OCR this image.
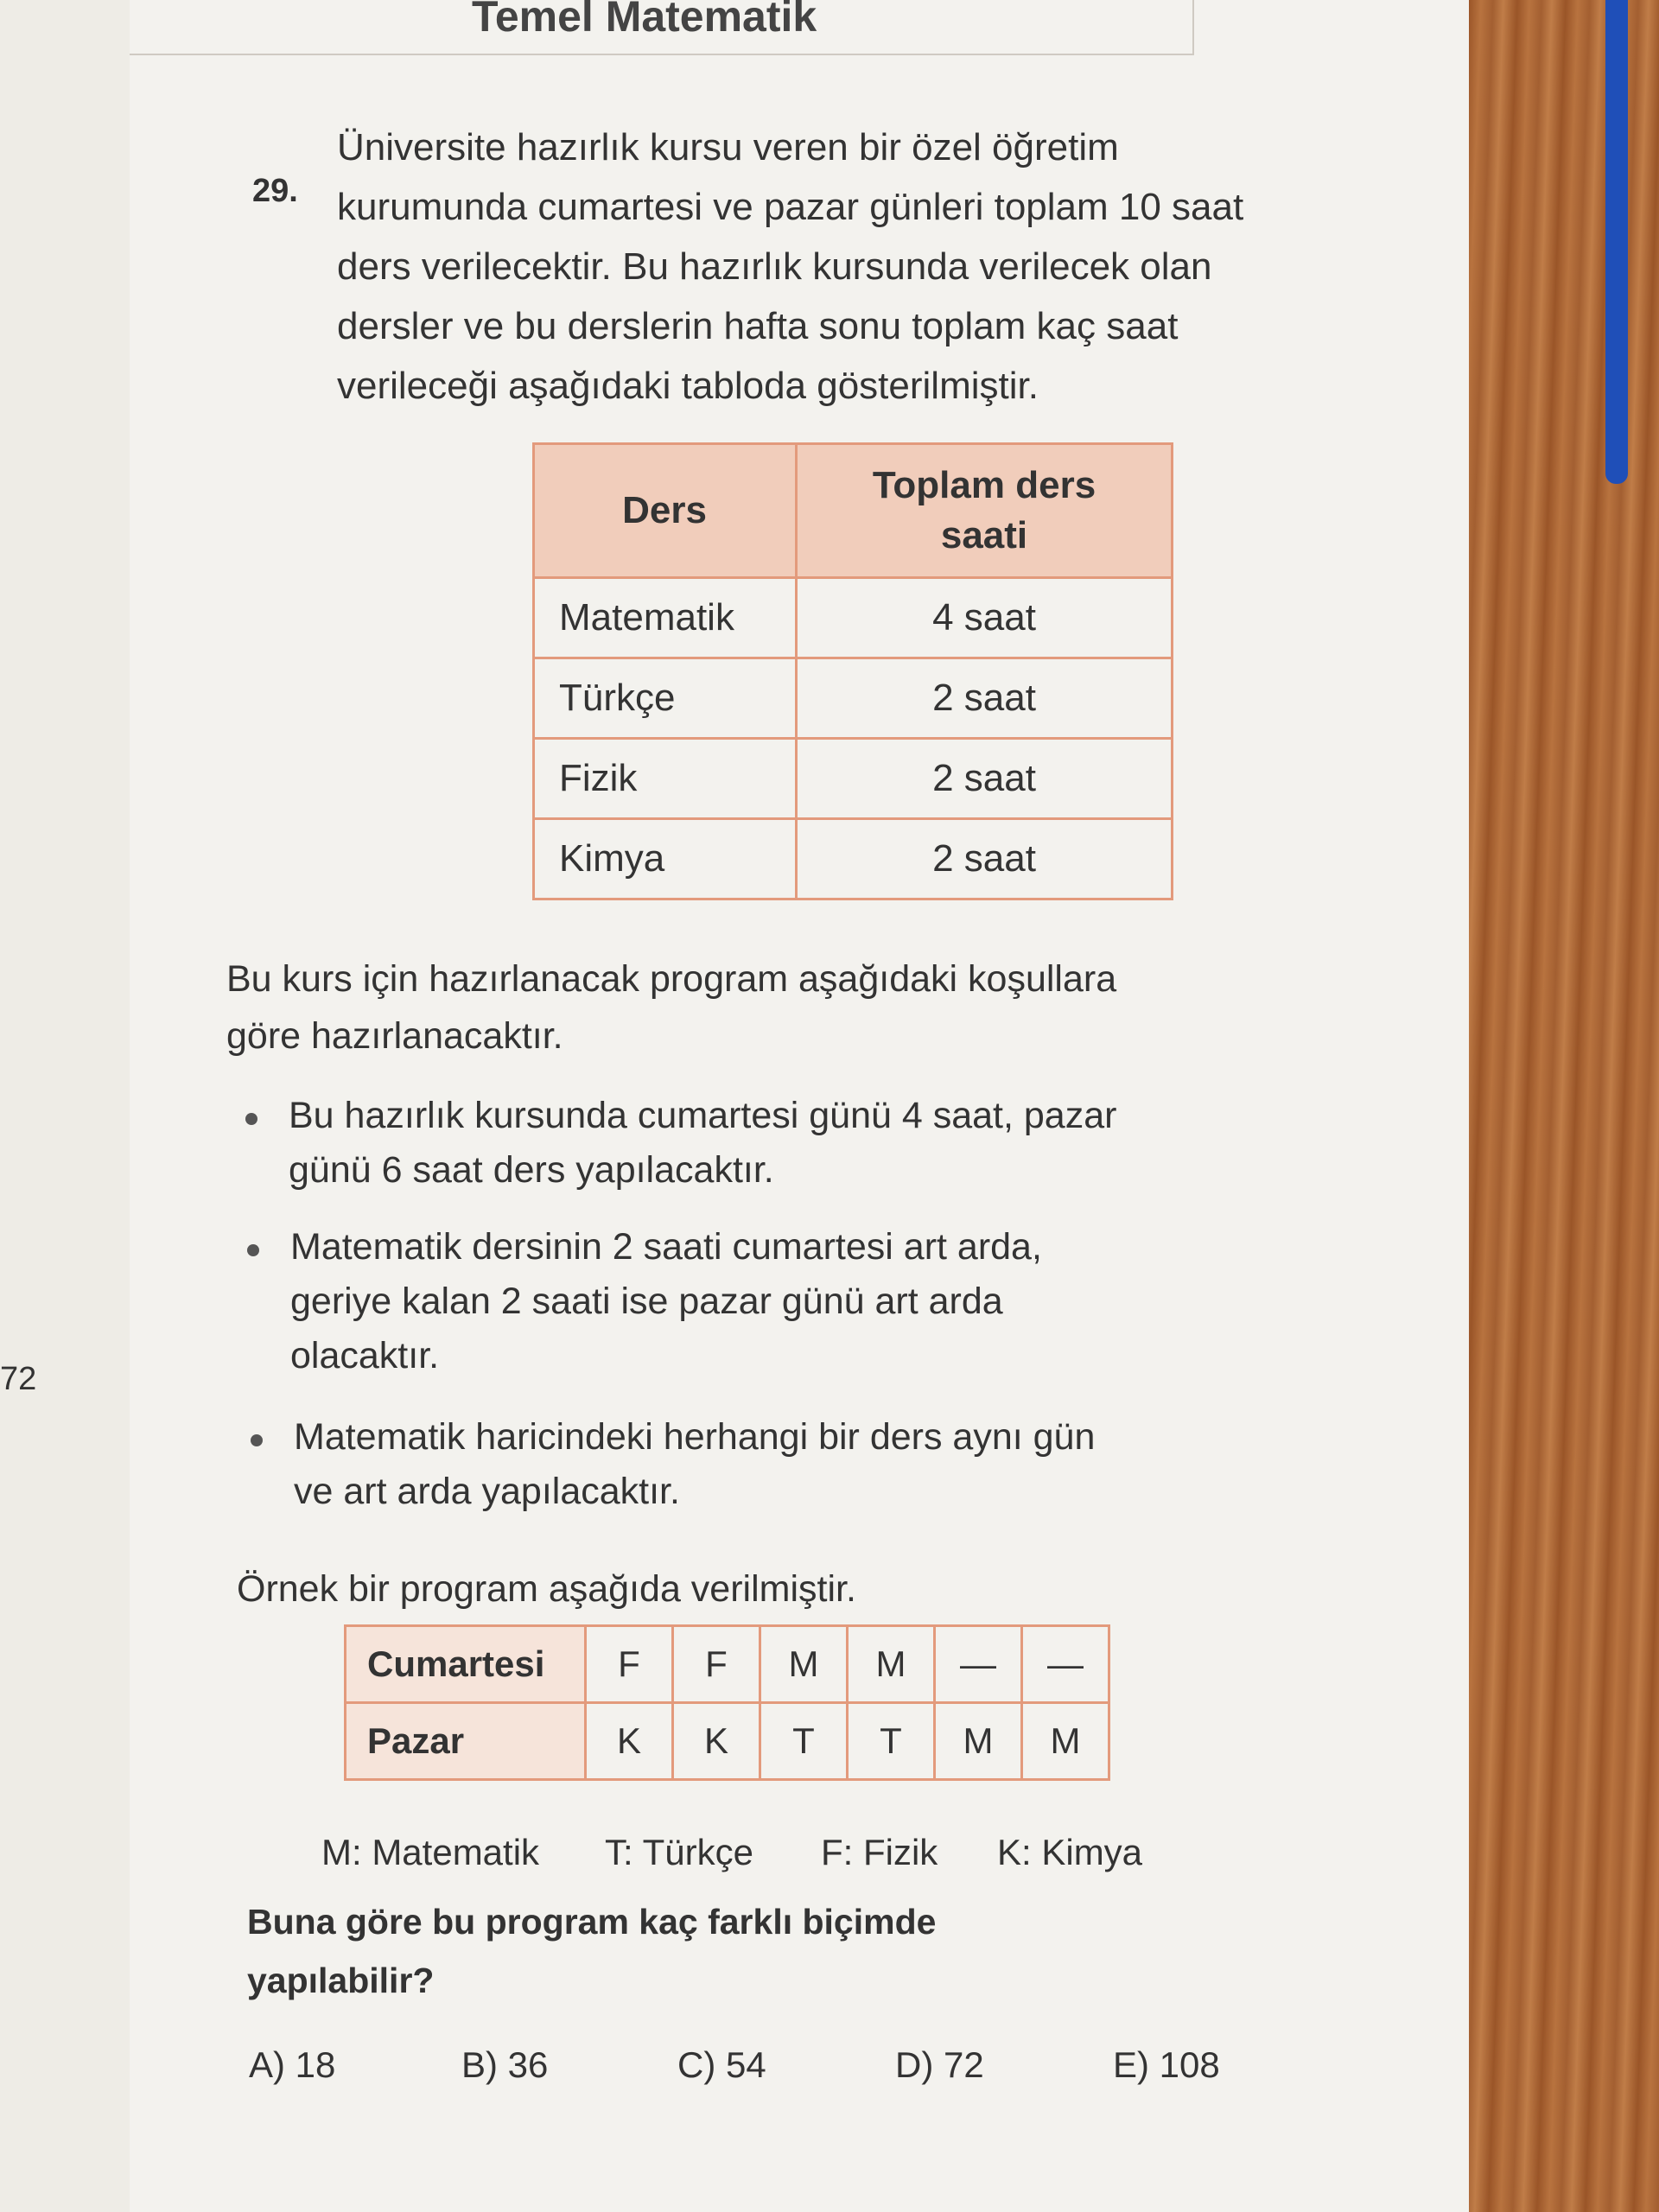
72
Temel Matematik
29.
Üniversite hazırlık kursu veren bir özel öğretim
kurumunda cumartesi ve pazar günleri toplam 10 saat
ders verilecektir. Bu hazırlık kursunda verilecek olan
dersler ve bu derslerin hafta sonu toplam kaç saat
verileceği aşağıdaki tabloda gösterilmiştir.
Ders	Toplam ders saati
Matematik	4 saat
Türkçe	2 saat
Fizik	2 saat
Kimya	2 saat
Bu kurs için hazırlanacak program aşağıdaki koşullara
göre hazırlanacaktır.
Bu hazırlık kursunda cumartesi günü 4 saat, pazar
günü 6 saat ders yapılacaktır.
Matematik dersinin 2 saati cumartesi art arda,
geriye kalan 2 saati ise pazar günü art arda
olacaktır.
Matematik haricindeki herhangi bir ders aynı gün
ve art arda yapılacaktır.
Örnek bir program aşağıda verilmiştir.
Cumartesi	F	F	M	M	—	—
Pazar	K	K	T	T	M	M
M: Matematik T: Türkçe F: Fizik K: Kimya
Buna göre bu program kaç farklı biçimde
yapılabilir?
A) 18	B) 36	C) 54	D) 72	E) 108
